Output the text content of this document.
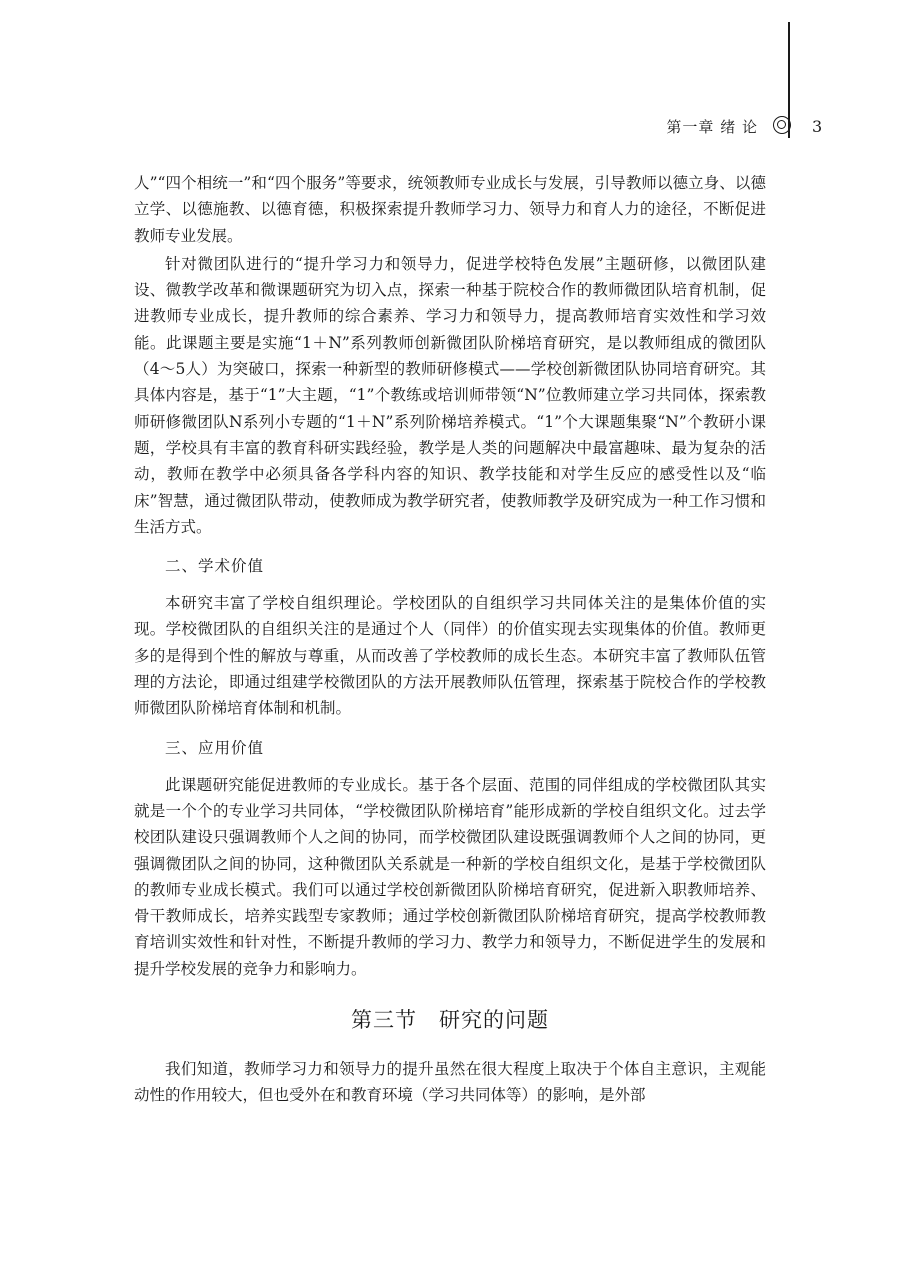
第一章 绪 论	3

人”“四个相统一”和“四个服务”等要求，统领教师专业成长与发展，引导教师以德立身、以德立学、以德施教、以德育德，积极探索提升教师学习力、领导力和育人力的途径，不断促进教师专业发展。

针对微团队进行的“提升学习力和领导力，促进学校特色发展”主题研修，以微团队建设、微教学改革和微课题研究为切入点，探索一种基于院校合作的教师微团队培育机制，促进教师专业成长，提升教师的综合素养、学习力和领导力，提高教师培育实效性和学习效能。此课题主要是实施“1＋N”系列教师创新微团队阶梯培育研究，是以教师组成的微团队（4～5人）为突破口，探索一种新型的教师研修模式——学校创新微团队协同培育研究。其具体内容是，基于“1”大主题，“1”个教练或培训师带领“N”位教师建立学习共同体，探索教师研修微团队N系列小专题的“1＋N”系列阶梯培养模式。“1”个大课题集聚“N”个教研小课题，学校具有丰富的教育科研实践经验，教学是人类的问题解决中最富趣味、最为复杂的活动，教师在教学中必须具备各学科内容的知识、教学技能和对学生反应的感受性以及“临床”智慧，通过微团队带动，使教师成为教学研究者，使教师教学及研究成为一种工作习惯和生活方式。

二、学术价值

本研究丰富了学校自组织理论。学校团队的自组织学习共同体关注的是集体价值的实现。学校微团队的自组织关注的是通过个人（同伴）的价值实现去实现集体的价值。教师更多的是得到个性的解放与尊重，从而改善了学校教师的成长生态。本研究丰富了教师队伍管理的方法论，即通过组建学校微团队的方法开展教师队伍管理，探索基于院校合作的学校教师微团队阶梯培育体制和机制。

三、应用价值

此课题研究能促进教师的专业成长。基于各个层面、范围的同伴组成的学校微团队其实就是一个个的专业学习共同体，“学校微团队阶梯培育”能形成新的学校自组织文化。过去学校团队建设只强调教师个人之间的协同，而学校微团队建设既强调教师个人之间的协同，更强调微团队之间的协同，这种微团队关系就是一种新的学校自组织文化，是基于学校微团队的教师专业成长模式。我们可以通过学校创新微团队阶梯培育研究，促进新入职教师培养、骨干教师成长，培养实践型专家教师；通过学校创新微团队阶梯培育研究，提高学校教师教育培训实效性和针对性，不断提升教师的学习力、教学力和领导力，不断促进学生的发展和提升学校发展的竞争力和影响力。

第三节 研究的问题

我们知道，教师学习力和领导力的提升虽然在很大程度上取决于个体自主意识，主观能动性的作用较大，但也受外在和教育环境（学习共同体等）的影响，是外部
